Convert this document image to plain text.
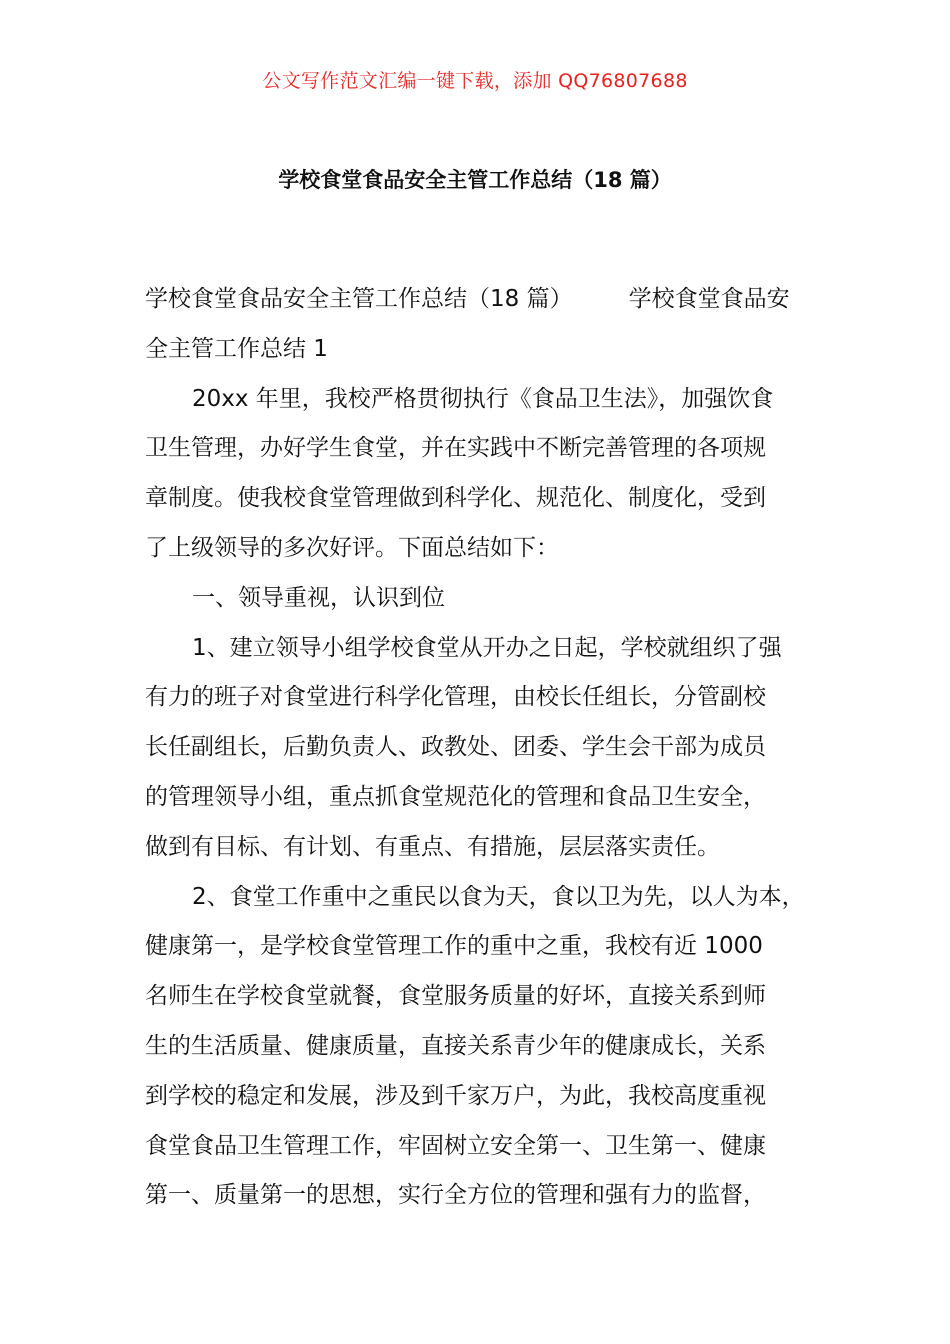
公文写作范文汇编一键下载，添加 QQ76807688
学校食堂食品安全主管工作总结（18 篇）
学校食堂食品安全主管工作总结（18 篇） 学校食堂食品安
全主管工作总结 1
20xx 年里，我校严格贯彻执行《食品卫生法》，加强饮食
卫生管理，办好学生食堂，并在实践中不断完善管理的各项规
章制度。使我校食堂管理做到科学化、规范化、制度化，受到
了上级领导的多次好评。下面总结如下：
一、领导重视，认识到位
1、建立领导小组学校食堂从开办之日起，学校就组织了强
有力的班子对食堂进行科学化管理，由校长任组长，分管副校
长任副组长，后勤负责人、政教处、团委、学生会干部为成员
的管理领导小组，重点抓食堂规范化的管理和食品卫生安全，
做到有目标、有计划、有重点、有措施，层层落实责任。
2、食堂工作重中之重民以食为天，食以卫为先，以人为本，
健康第一，是学校食堂管理工作的重中之重，我校有近 1000
名师生在学校食堂就餐，食堂服务质量的好坏，直接关系到师
生的生活质量、健康质量，直接关系青少年的健康成长，关系
到学校的稳定和发展，涉及到千家万户，为此，我校高度重视
食堂食品卫生管理工作，牢固树立安全第一、卫生第一、健康
第一、质量第一的思想，实行全方位的管理和强有力的监督，
